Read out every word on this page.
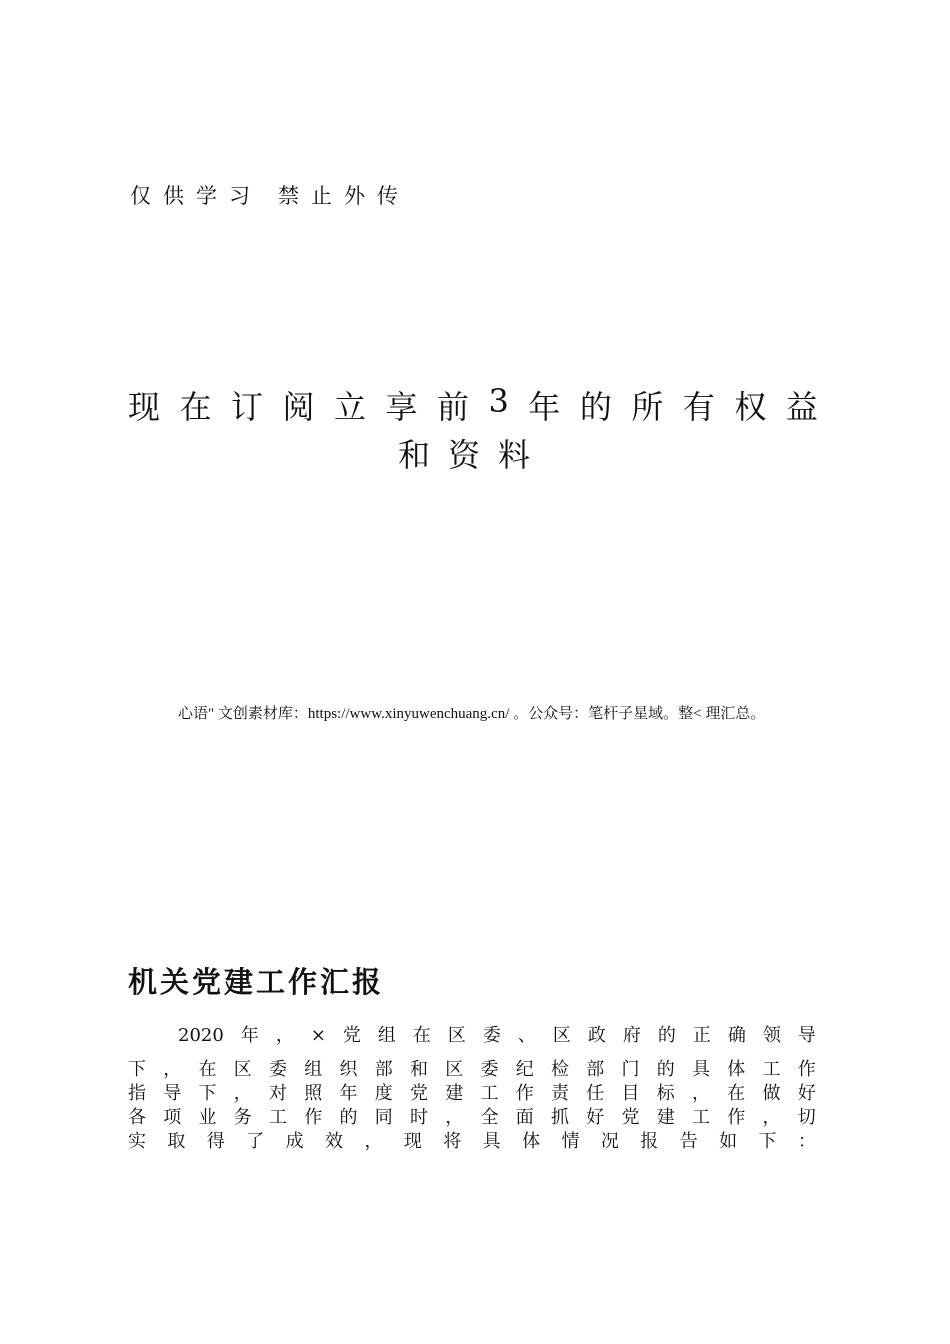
仅供学习 禁止外传
现 在 订 阅 立 享 前 3 年 的 所 有 权 益
和资料
心语" 文创素材库：https://www.xinyuwenchuang.cn/ 。公众号：笔杆子星域。整< 理汇总。
机关党建工作汇报
2020 年 ， × 党 组 在 区 委 、 区 政 府 的 正 确 领 导
下 ， 在 区 委 组 织 部 和 区 委 纪 检 部 门 的 具 体 工 作
指 导 下 ， 对 照 年 度 党 建 工 作 责 任 目 标 ， 在 做 好
各 项 业 务 工 作 的 同 时 ， 全 面 抓 好 党 建 工 作 ， 切
实 取 得 了 成 效 ， 现 将 具 体 情 况 报 告 如 下 ：
